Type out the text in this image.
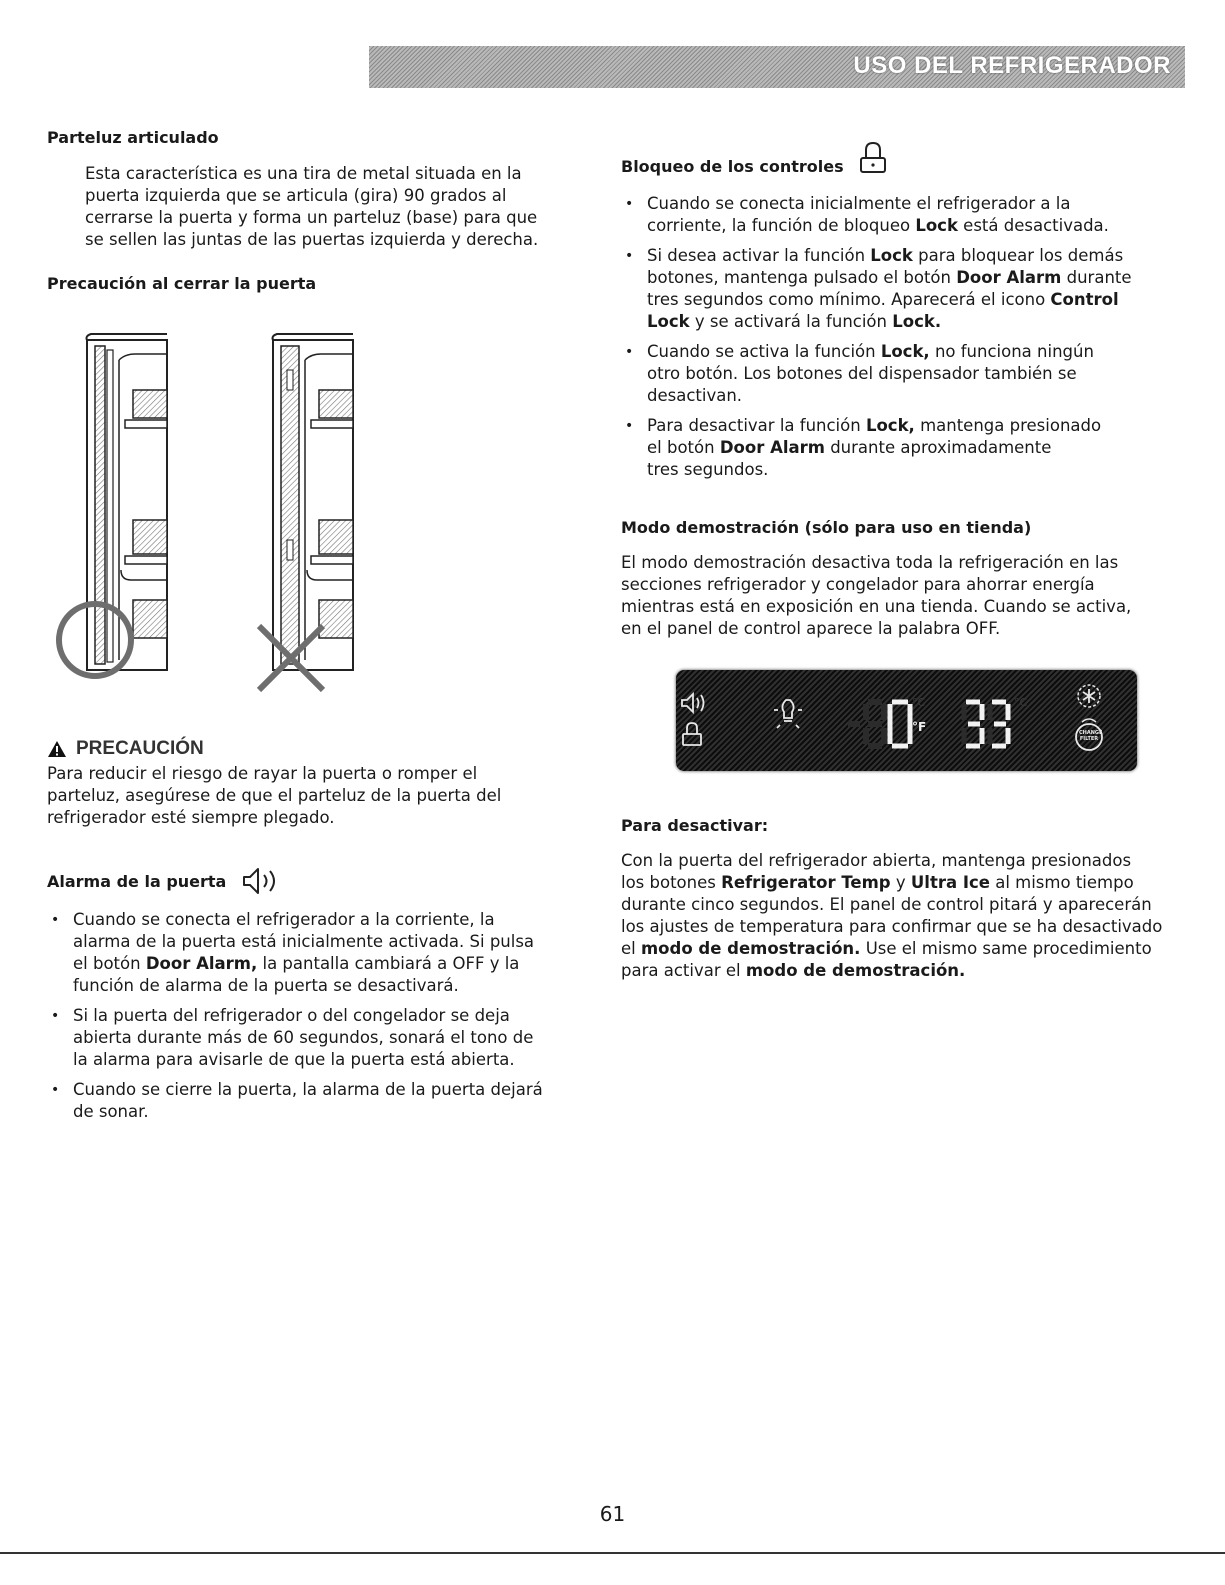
USO DEL REFRIGERADOR
Parteluz articulado
Esta característica es una tira de metal situada en la
puerta izquierda que se articula (gira) 90 grados al
cerrarse la puerta y forma un parteluz (base) para que
se sellen las juntas de las puertas izquierda y derecha.
Precaución al cerrar la puerta
PRECAUCIÓN
Para reducir el riesgo de rayar la puerta o romper el
parteluz, asegúrese de que el parteluz de la puerta del
refrigerador esté siempre plegado.
Alarma de la puerta
• Cuando se conecta el refrigerador a la corriente, la
alarma de la puerta está inicialmente activada. Si pulsa
el botón Door Alarm, la pantalla cambiará a OFF y la
función de alarma de la puerta se desactivará.
• Si la puerta del refrigerador o del congelador se deja
abierta durante más de 60 segundos, sonará el tono de
la alarma para avisarle de que la puerta está abierta.
• Cuando se cierre la puerta, la alarma de la puerta dejará
de sonar.
Bloqueo de los controles
• Cuando se conecta inicialmente el refrigerador a la
corriente, la función de bloqueo Lock está desactivada.
• Si desea activar la función Lock para bloquear los demás
botones, mantenga pulsado el botón Door Alarm durante
tres segundos como mínimo. Aparecerá el icono Control
Lock y se activará la función Lock.
• Cuando se activa la función Lock, no funciona ningún
otro botón. Los botones del dispensador también se
desactivan.
• Para desactivar la función Lock, mantenga presionado
el botón Door Alarm durante aproximadamente
tres segundos.
Modo demostración (sólo para uso en tienda)
El modo demostración desactiva toda la refrigeración en las
secciones refrigerador y congelador para ahorrar energía
mientras está en exposición en una tienda. Cuando se activa,
en el panel de control aparece la palabra OFF.
°F
°C	°C
CHANGE FILTER
Para desactivar:
Con la puerta del refrigerador abierta, mantenga presionados
los botones Refrigerator Temp y Ultra Ice al mismo tiempo
durante cinco segundos. El panel de control pitará y aparecerán
los ajustes de temperatura para confirmar que se ha desactivado
el modo de demostración. Use el mismo same procedimiento
para activar el modo de demostración.
61
